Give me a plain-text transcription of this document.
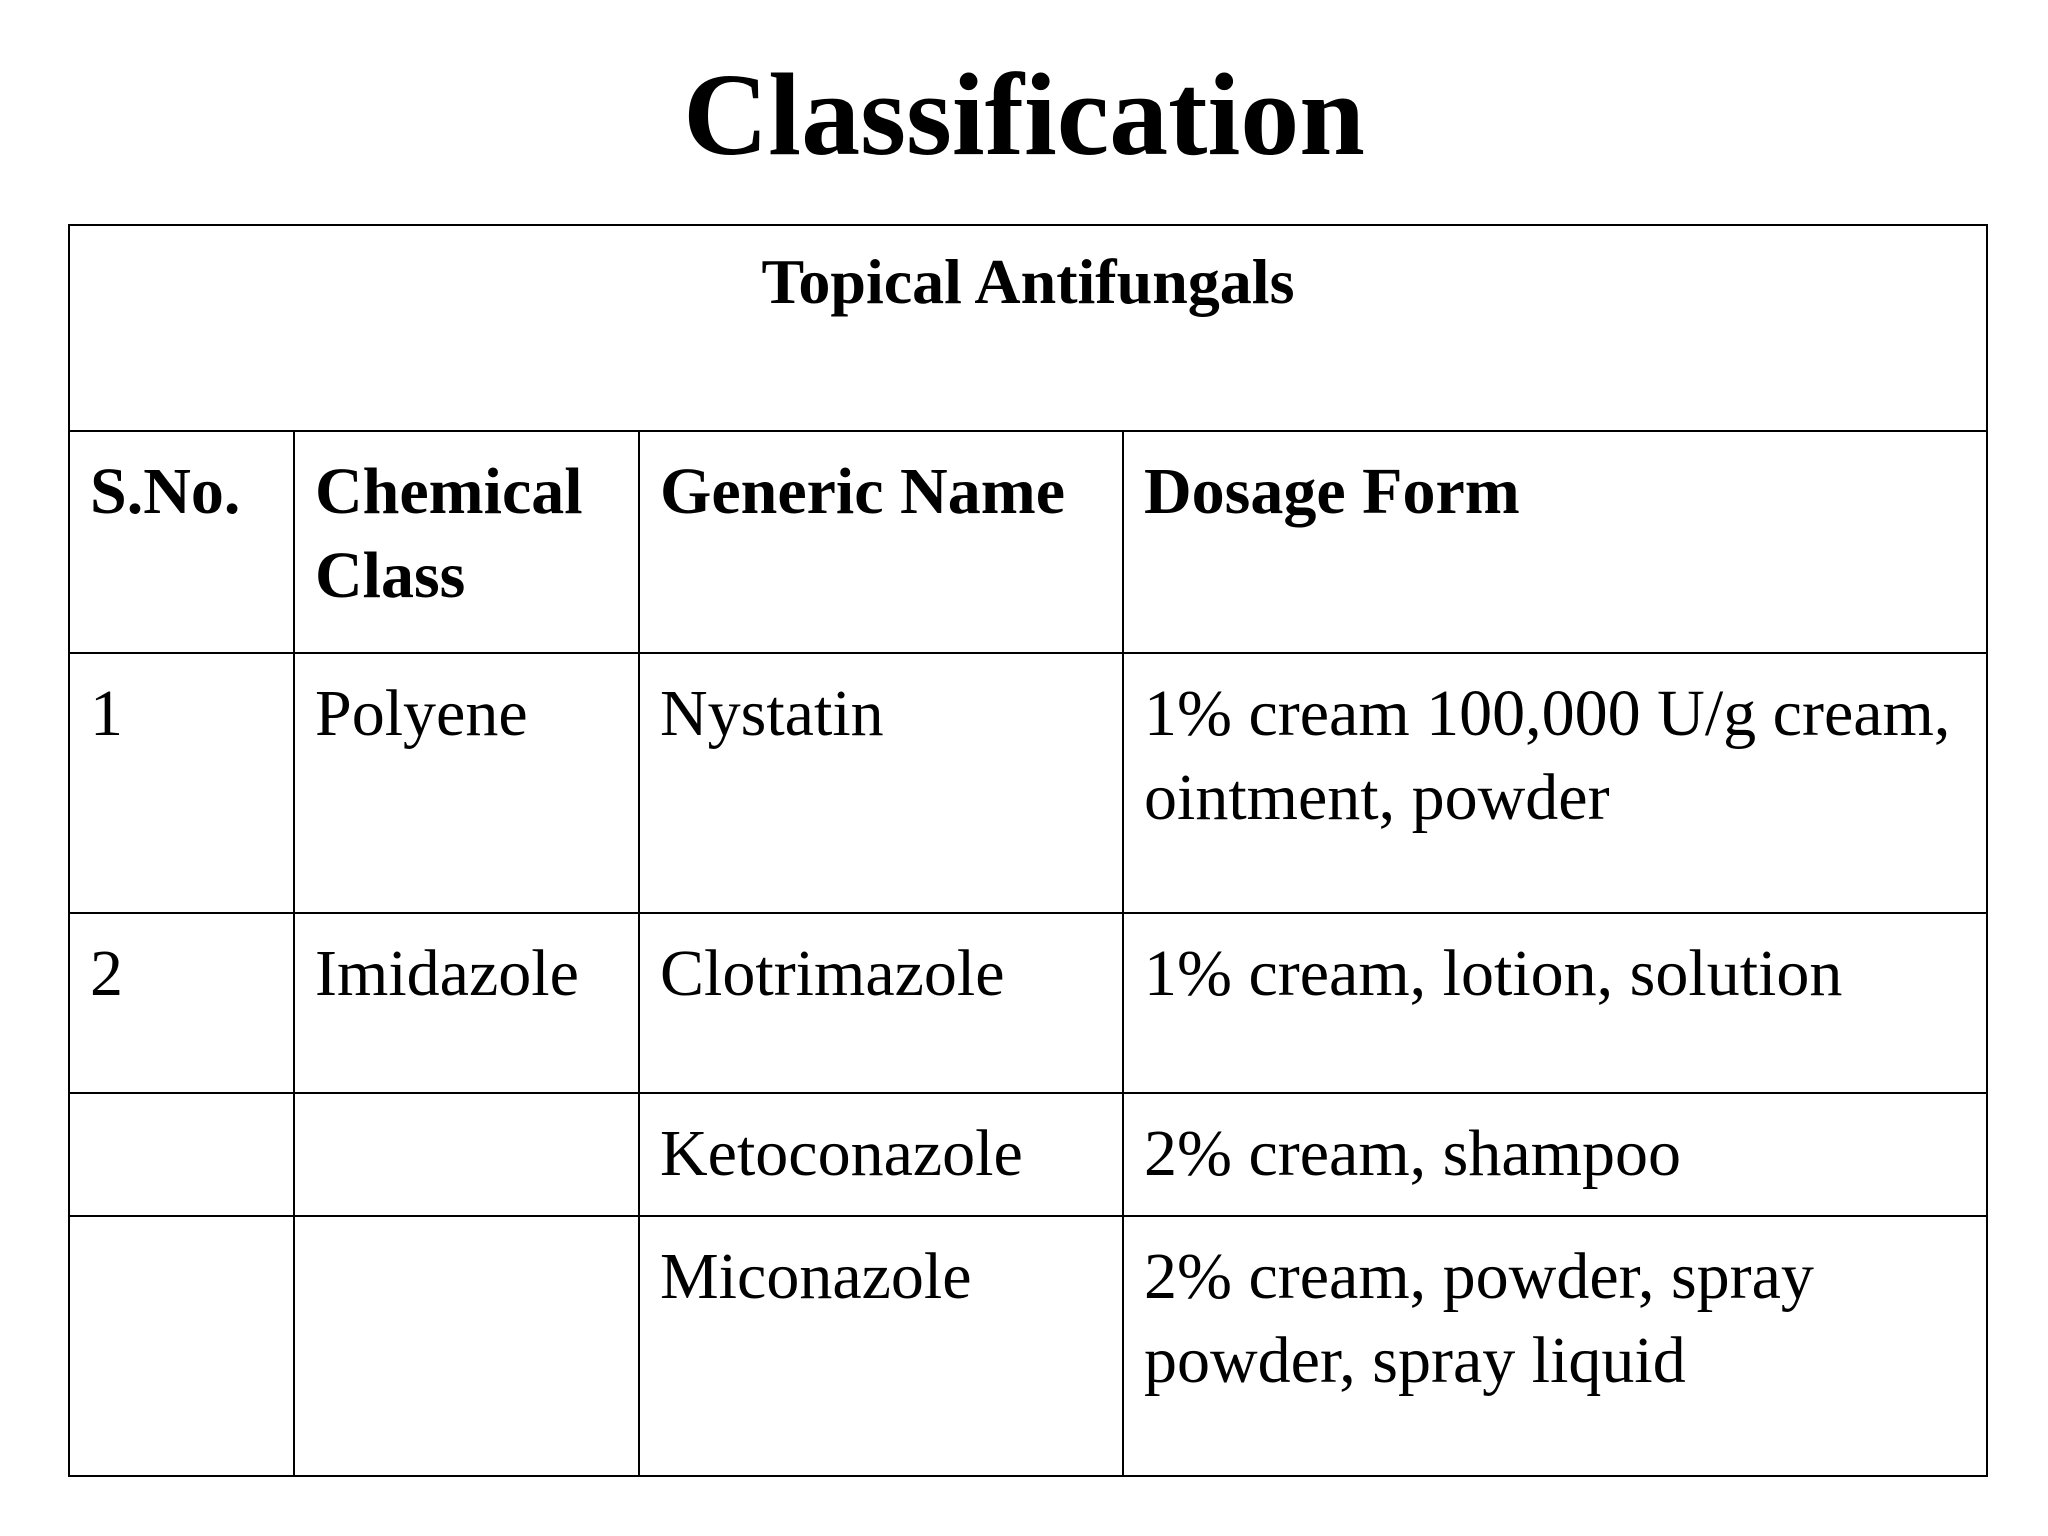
Classification
Topical Antifungals			
S.No.	Chemical Class	Generic Name	Dosage Form
1	Polyene	Nystatin	1% cream 100,000 U/g cream, ointment, powder
2	Imidazole	Clotrimazole	1% cream, lotion, solution
		Ketoconazole	2% cream, shampoo
		Miconazole	2% cream, powder, spray powder, spray liquid
